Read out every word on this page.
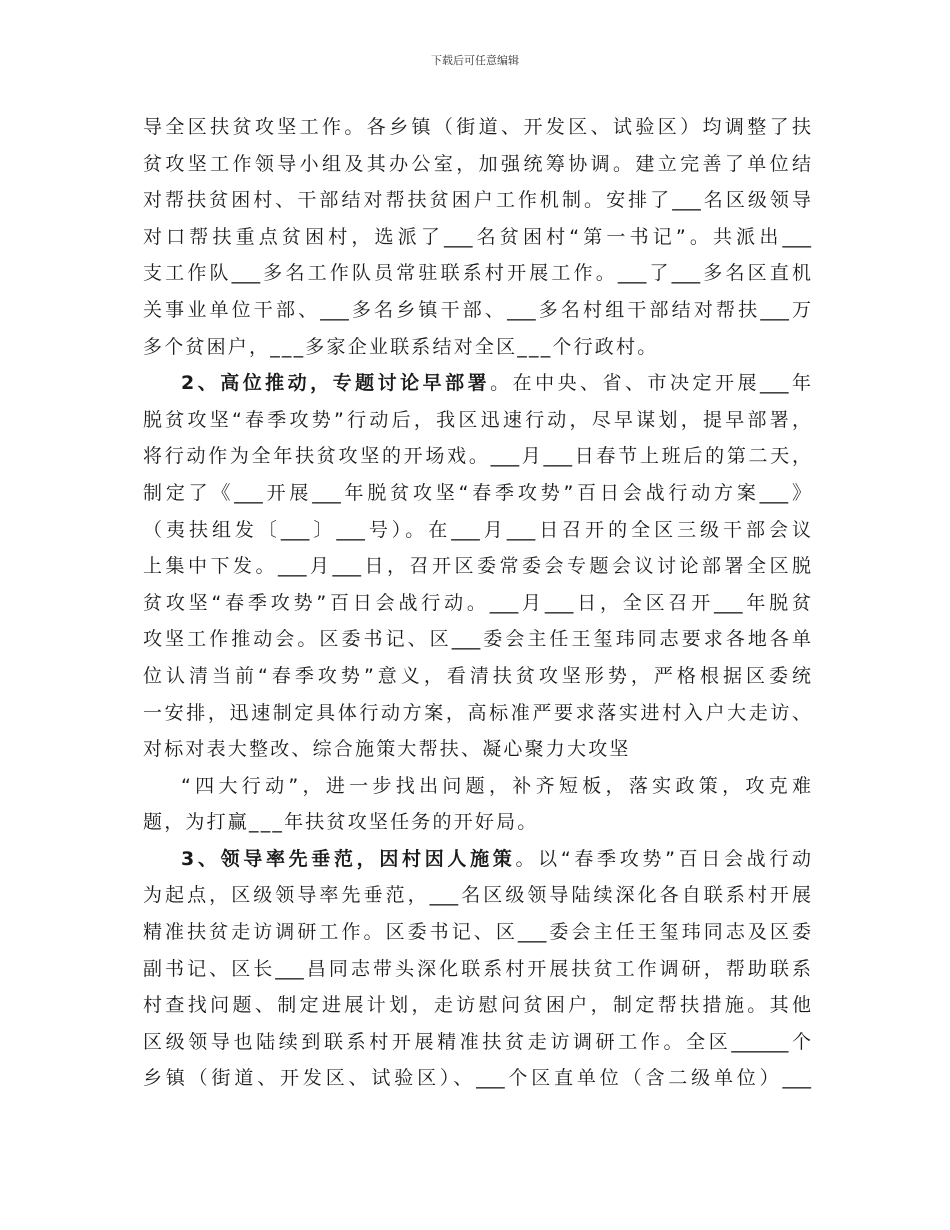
下载后可任意编辑
导全区扶贫攻坚工作。各乡镇（街道、开发区、试验区）均调整了扶
贫攻坚工作领导小组及其办公室，加强统筹协调。建立完善了单位结
对帮扶贫困村、干部结对帮扶贫困户工作机制。安排了___名区级领导
对口帮扶重点贫困村，选派了___名贫困村“第一书记”。共派出___
支工作队___多名工作队员常驻联系村开展工作。___了___多名区直机
关事业单位干部、___多名乡镇干部、___多名村组干部结对帮扶___万
多个贫困户，___多家企业联系结对全区___个行政村。
2、高位推动，专题讨论早部署。在中央、省、市决定开展___年
脱贫攻坚“春季攻势”行动后，我区迅速行动，尽早谋划，提早部署，
将行动作为全年扶贫攻坚的开场戏。___月___日春节上班后的第二天，
制定了《___开展___年脱贫攻坚“春季攻势”百日会战行动方案___》
（夷扶组发〔___〕___号）。在___月___日召开的全区三级干部会议
上集中下发。___月___日，召开区委常委会专题会议讨论部署全区脱
贫攻坚“春季攻势”百日会战行动。___月___日，全区召开___年脱贫
攻坚工作推动会。区委书记、区___委会主任王玺玮同志要求各地各单
位认清当前“春季攻势”意义，看清扶贫攻坚形势，严格根据区委统
一安排，迅速制定具体行动方案，高标准严要求落实进村入户大走访、
对标对表大整改、综合施策大帮扶、凝心聚力大攻坚
“四大行动”，进一步找出问题，补齐短板，落实政策，攻克难
题，为打赢___年扶贫攻坚任务的开好局。
3、领导率先垂范，因村因人施策。以“春季攻势”百日会战行动
为起点，区级领导率先垂范，___名区级领导陆续深化各自联系村开展
精准扶贫走访调研工作。区委书记、区___委会主任王玺玮同志及区委
副书记、区长___昌同志带头深化联系村开展扶贫工作调研，帮助联系
村查找问题、制定进展计划，走访慰问贫困户，制定帮扶措施。其他
区级领导也陆续到联系村开展精准扶贫走访调研工作。全区______个
乡镇（街道、开发区、试验区）、___个区直单位（含二级单位）___
